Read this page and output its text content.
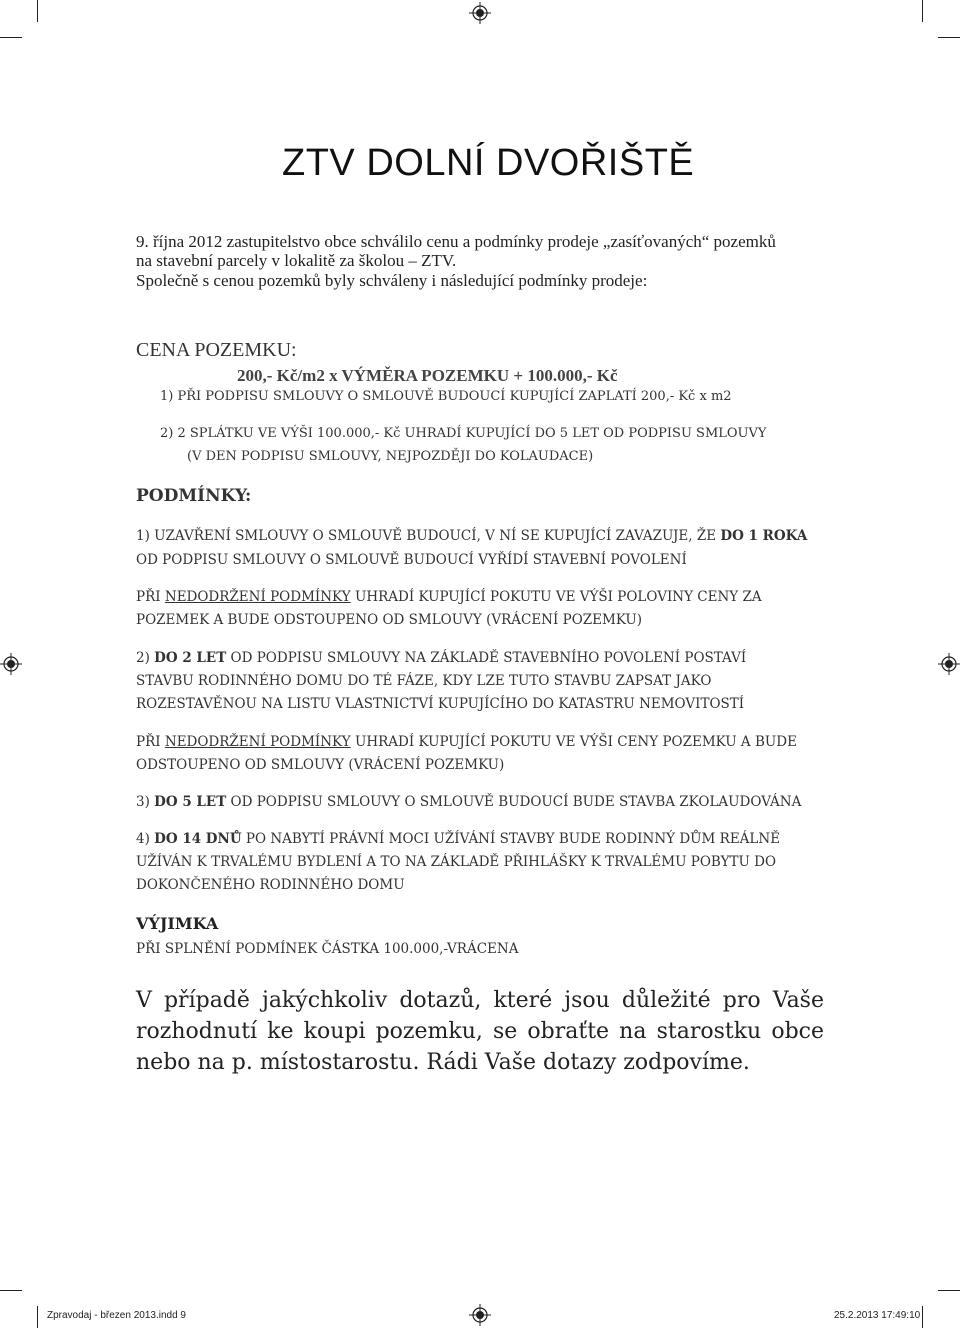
ZTV DOLNÍ DVOŘIŠTĚ
9. října 2012 zastupitelstvo obce schválilo cenu a podmínky prodeje „zasíťovaných“ pozemků
na stavební parcely v lokalitě za školou – ZTV.
Společně s cenou pozemků byly schváleny i následující podmínky prodeje:
CENA POZEMKU:
200,- Kč/m2 x VÝMĚRA POZEMKU + 100.000,- Kč
1) PŘI PODPISU SMLOUVY O SMLOUVĚ BUDOUCÍ KUPUJÍCÍ ZAPLATÍ 200,- Kč x m2
2) 2 SPLÁTKU VE VÝŠI 100.000,- Kč UHRADÍ KUPUJÍCÍ DO 5 LET OD PODPISU SMLOUVY
(V DEN PODPISU SMLOUVY, NEJPOZDĚJI DO KOLAUDACE)
PODMÍNKY:
1) UZAVŘENÍ SMLOUVY O SMLOUVĚ BUDOUCÍ, V NÍ SE KUPUJÍCÍ ZAVAZUJE, ŽE DO 1 ROKA
OD PODPISU SMLOUVY O SMLOUVĚ BUDOUCÍ VYŘÍDÍ STAVEBNÍ POVOLENÍ
PŘI NEDODRŽENÍ PODMÍNKY UHRADÍ KUPUJÍCÍ POKUTU VE VÝŠI POLOVINY CENY ZA
POZEMEK A BUDE ODSTOUPENO OD SMLOUVY (VRÁCENÍ POZEMKU)
2) DO 2 LET OD PODPISU SMLOUVY NA ZÁKLADĚ STAVEBNÍHO POVOLENÍ POSTAVÍ
STAVBU RODINNÉHO DOMU DO TÉ FÁZE, KDY LZE TUTO STAVBU ZAPSAT JAKO
ROZESTAVĚNOU NA LISTU VLASTNICTVÍ KUPUJÍCÍHO DO KATASTRU NEMOVITOSTÍ
PŘI NEDODRŽENÍ PODMÍNKY UHRADÍ KUPUJÍCÍ POKUTU VE VÝŠI CENY POZEMKU A BUDE
ODSTOUPENO OD SMLOUVY (VRÁCENÍ POZEMKU)
3) DO 5 LET OD PODPISU SMLOUVY O SMLOUVĚ BUDOUCÍ BUDE STAVBA ZKOLAUDOVÁNA
4) DO 14 DNŮ PO NABYTÍ PRÁVNÍ MOCI UŽÍVÁNÍ STAVBY BUDE RODINNÝ DŮM REÁLNĚ
UŽÍVÁN K TRVALÉMU BYDLENÍ A TO NA ZÁKLADĚ PŘIHLÁŠKY K TRVALÉMU POBYTU DO
DOKONČENÉHO RODINNÉHO DOMU
VÝJIMKA
PŘI SPLNĚNÍ PODMÍNEK ČÁSTKA 100.000,-VRÁCENA
V případě jakýchkoliv dotazů, které jsou důležité pro Vaše rozhodnutí ke koupi pozemku, se obraťte na starostku obce nebo na p. místostarostu. Rádi Vaše dotazy zodpovíme.
Zpravodaj - březen 2013.indd 9	25.2.2013 17:49:10
